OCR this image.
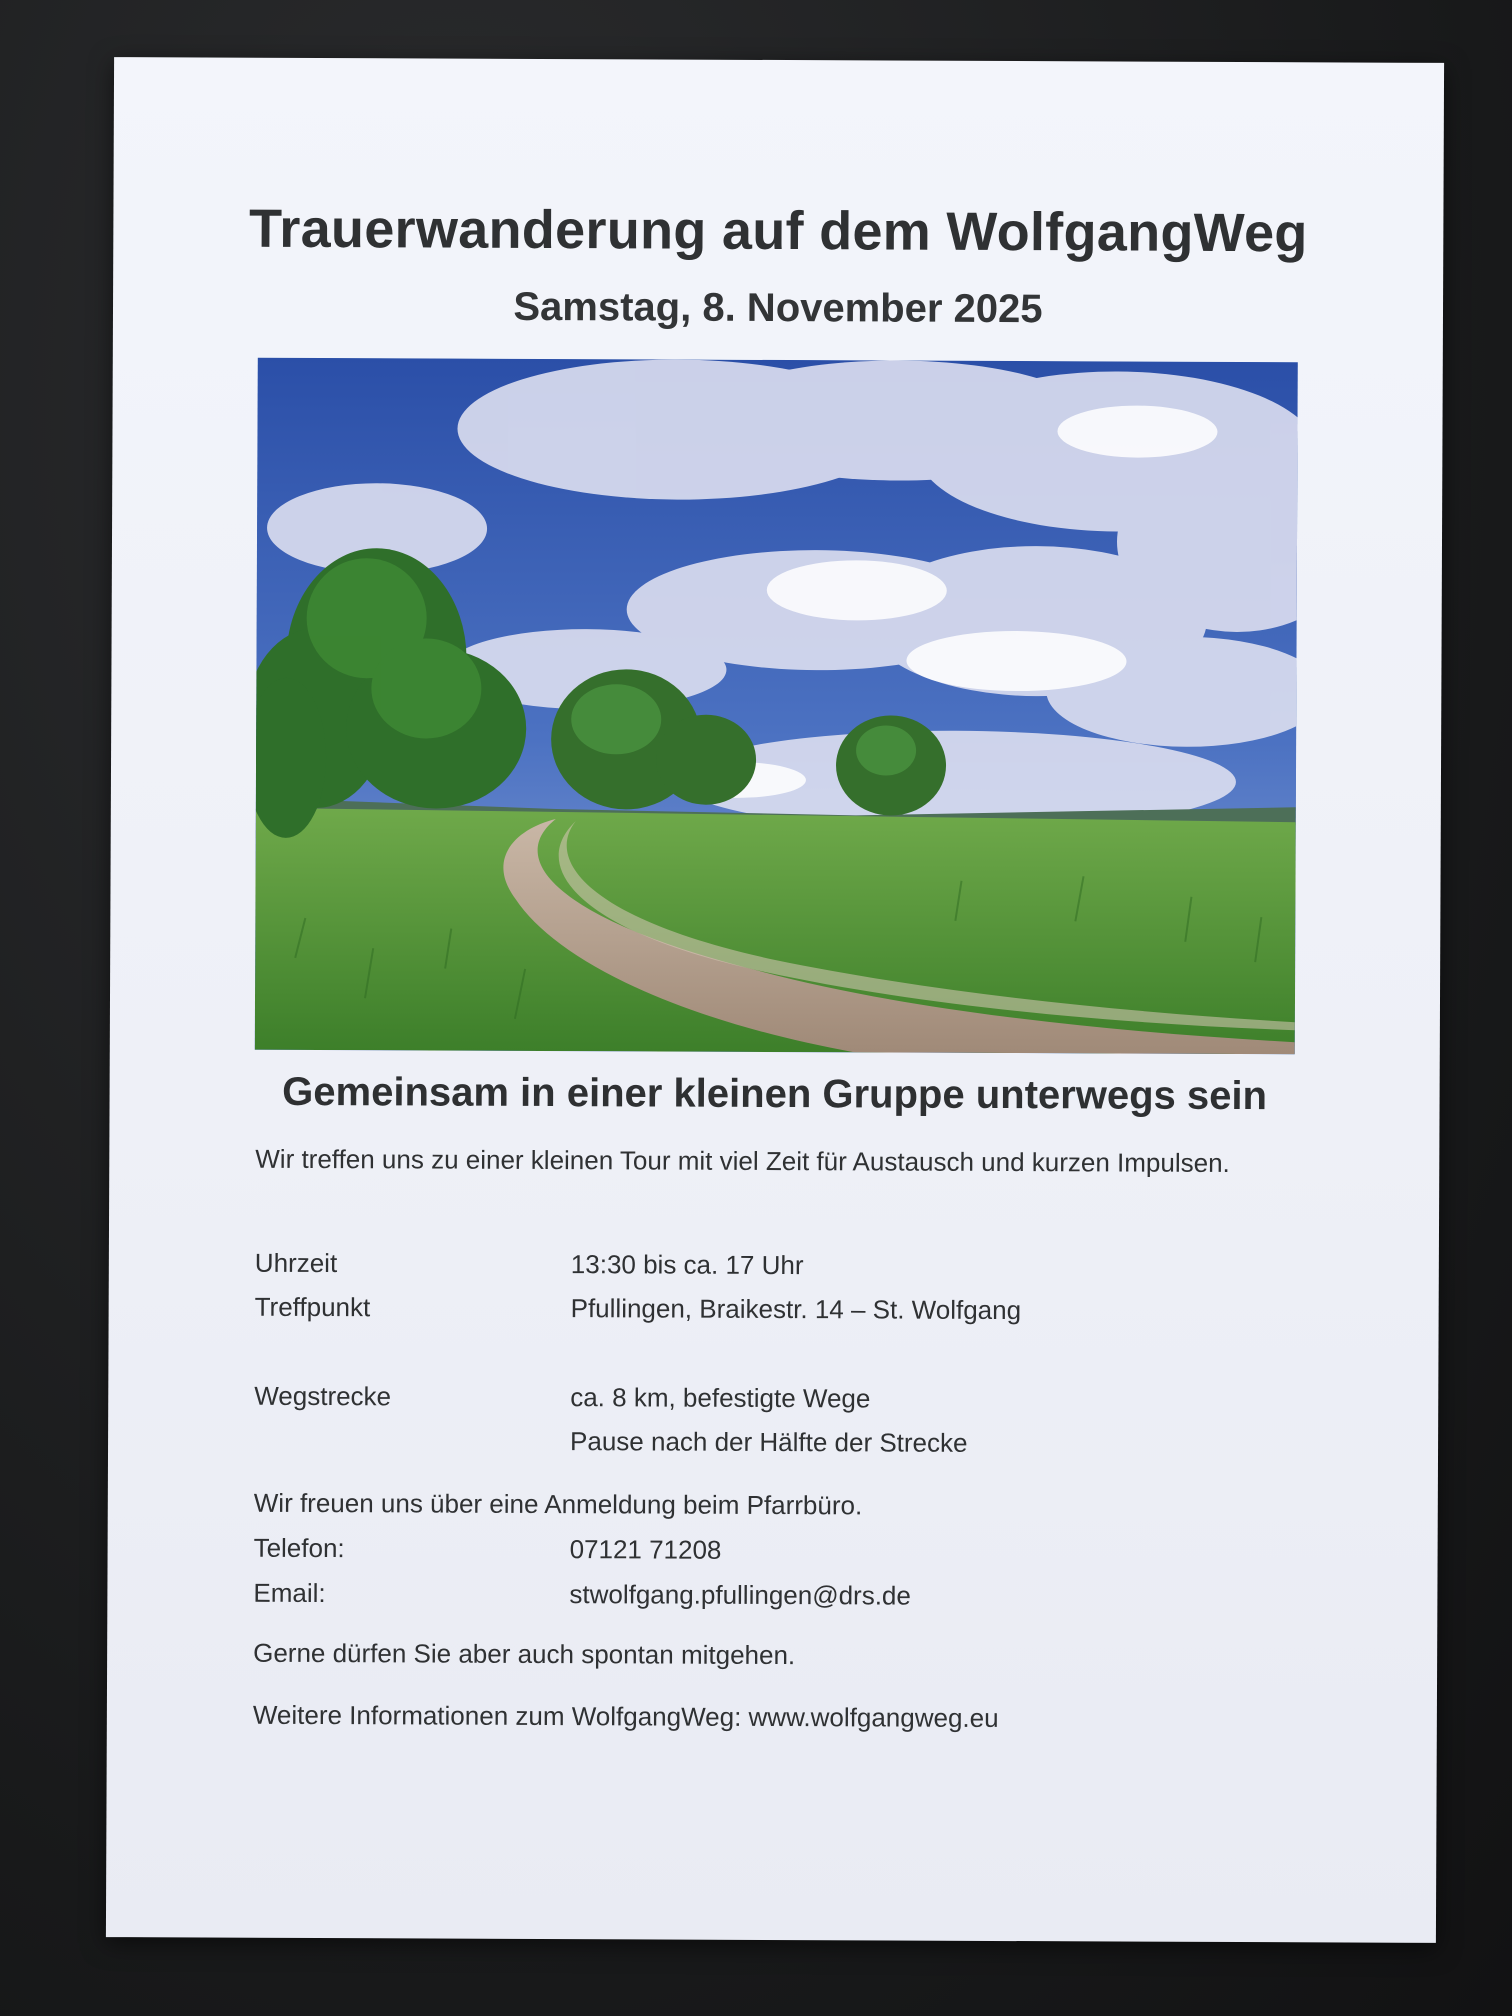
Trauerwanderung auf dem WolfgangWeg
Samstag, 8. November 2025
Gemeinsam in einer kleinen Gruppe unterwegs sein
Wir treffen uns zu einer kleinen Tour mit viel Zeit für Austausch und kurzen Impulsen.
Uhrzeit	13:30 bis ca. 17 Uhr
Treffpunkt	Pfullingen, Braikestr. 14 – St. Wolfgang
Wegstrecke	ca. 8 km, befestigte Wege
Pause nach der Hälfte der Strecke
Wir freuen uns über eine Anmeldung beim Pfarrbüro.
Telefon:	07121 71208
Email:	stwolfgang.pfullingen@drs.de
Gerne dürfen Sie aber auch spontan mitgehen.
Weitere Informationen zum WolfgangWeg: www.wolfgangweg.eu
